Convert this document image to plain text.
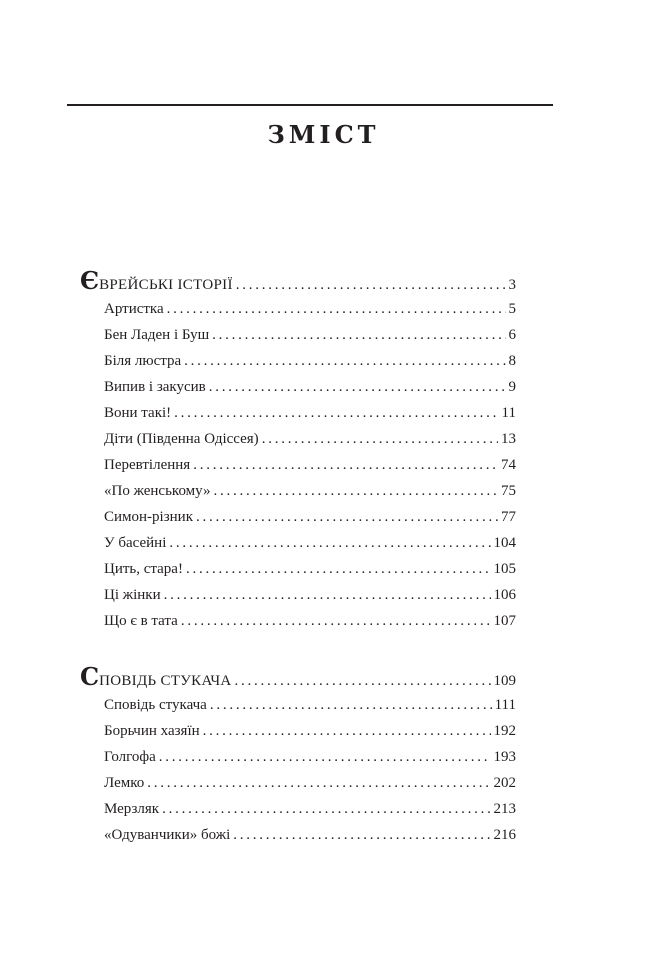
ЗМІСТ
ЄВРЕЙСЬКІ ІСТОРІЇ . . .	3
Артистка . . .	5
Бен Ладен і Буш . . .	6
Біля люстра . . .	8
Випив і закусив . . .	9
Вони такі! . . .	11
Діти (Південна Одіссея) . . .	13
Перевтілення . . .	74
«По женському» . . .	75
Симон-різник . . .	77
У басейні . . .	104
Цить, стара! . . .	105
Ці жінки . . .	106
Що є в тата . . .	107
СПОВІДЬ СТУКАЧА . . .	109
Сповідь стукача . . .	111
Борьчин хазяїн . . .	192
Голгофа . . .	193
Лемко . . .	202
Мерзляк . . .	213
«Одуванчики» божі . . .	216
